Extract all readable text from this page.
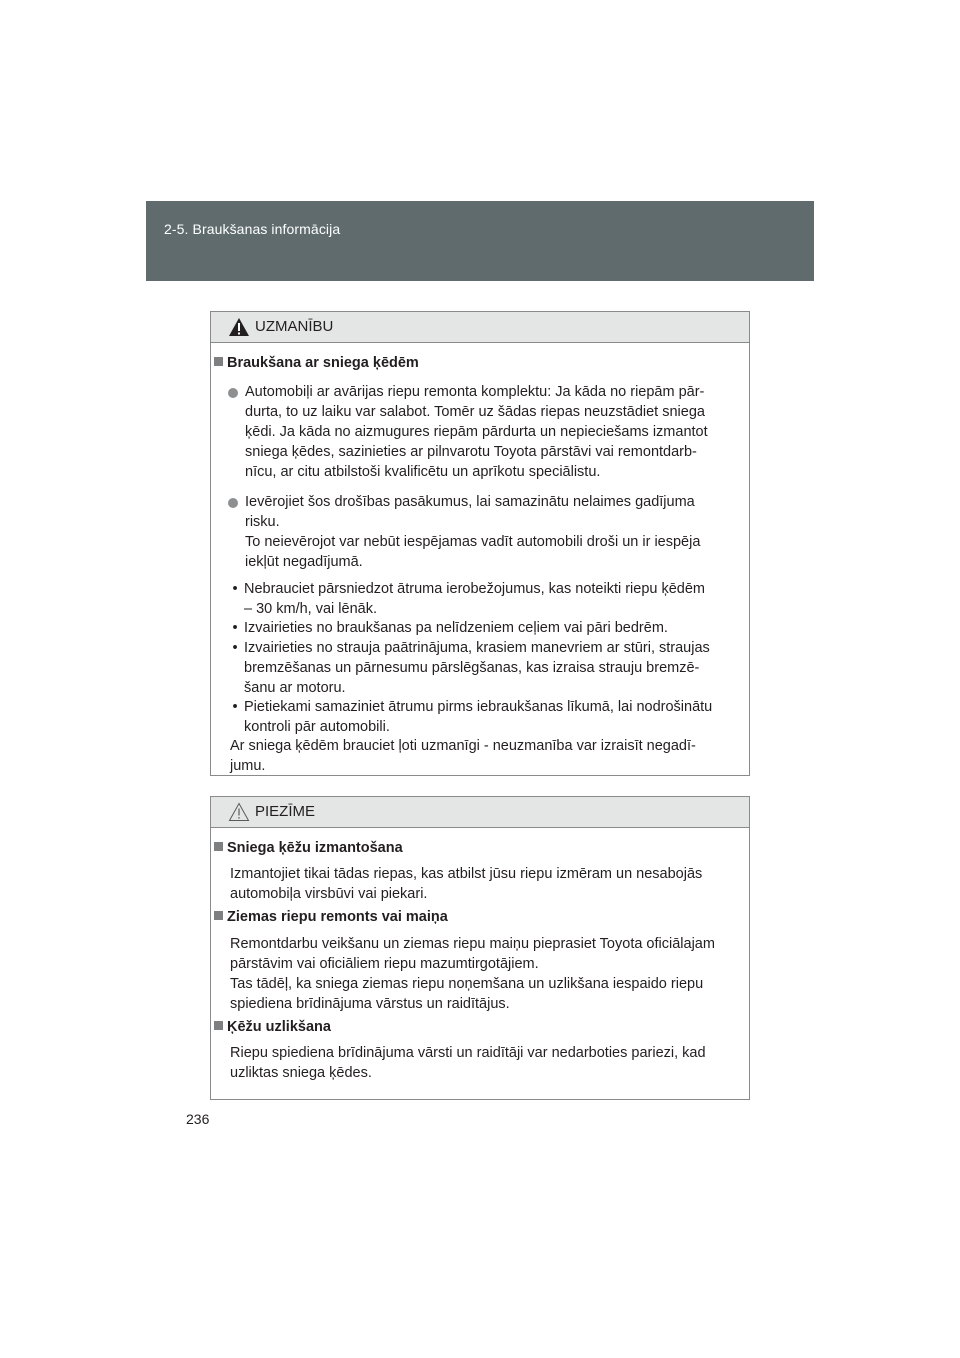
2-5. Braukšanas informācija
UZMANĪBU
Braukšana ar sniega ķēdēm
Automobiļi ar avārijas riepu remonta komplektu: Ja kāda no riepām pār-
durta, to uz laiku var salabot. Tomēr uz šādas riepas neuzstādiet sniega
ķēdi. Ja kāda no aizmugures riepām pārdurta un nepieciešams izmantot
sniega ķēdes, sazinieties ar pilnvarotu Toyota pārstāvi vai remontdarb-
nīcu, ar citu atbilstoši kvalificētu un aprīkotu speciālistu.
Ievērojiet šos drošības pasākumus, lai samazinātu nelaimes gadījuma
risku.
To neievērojot var nebūt iespējamas vadīt automobili droši un ir iespēja
iekļūt negadījumā.
• Nebrauciet pārsniedzot ātruma ierobežojumus, kas noteikti riepu ķēdēm
– 30 km/h, vai lēnāk.
• Izvairieties no braukšanas pa nelīdzeniem ceļiem vai pāri bedrēm.
• Izvairieties no strauja paātrinājuma, krasiem manevriem ar stūri, straujas
bremzēšanas un pārnesumu pārslēgšanas, kas izraisa strauju bremzē-
šanu ar motoru.
• Pietiekami samaziniet ātrumu pirms iebraukšanas līkumā, lai nodrošinātu
kontroli pār automobili.
Ar sniega ķēdēm brauciet ļoti uzmanīgi - neuzmanība var izraisīt negadī-
jumu.
PIEZĪME
Sniega ķēžu izmantošana
Izmantojiet tikai tādas riepas, kas atbilst jūsu riepu izmēram un nesabojās
automobiļa virsbūvi vai piekari.
Ziemas riepu remonts vai maiņa
Remontdarbu veikšanu un ziemas riepu maiņu pieprasiet Toyota oficiālajam
pārstāvim vai oficiāliem riepu mazumtirgotājiem.
Tas tādēļ, ka sniega ziemas riepu noņemšana un uzlikšana iespaido riepu
spiediena brīdinājuma vārstus un raidītājus.
Ķēžu uzlikšana
Riepu spiediena brīdinājuma vārsti un raidītāji var nedarboties pariezi, kad
uzliktas sniega ķēdes.
236
